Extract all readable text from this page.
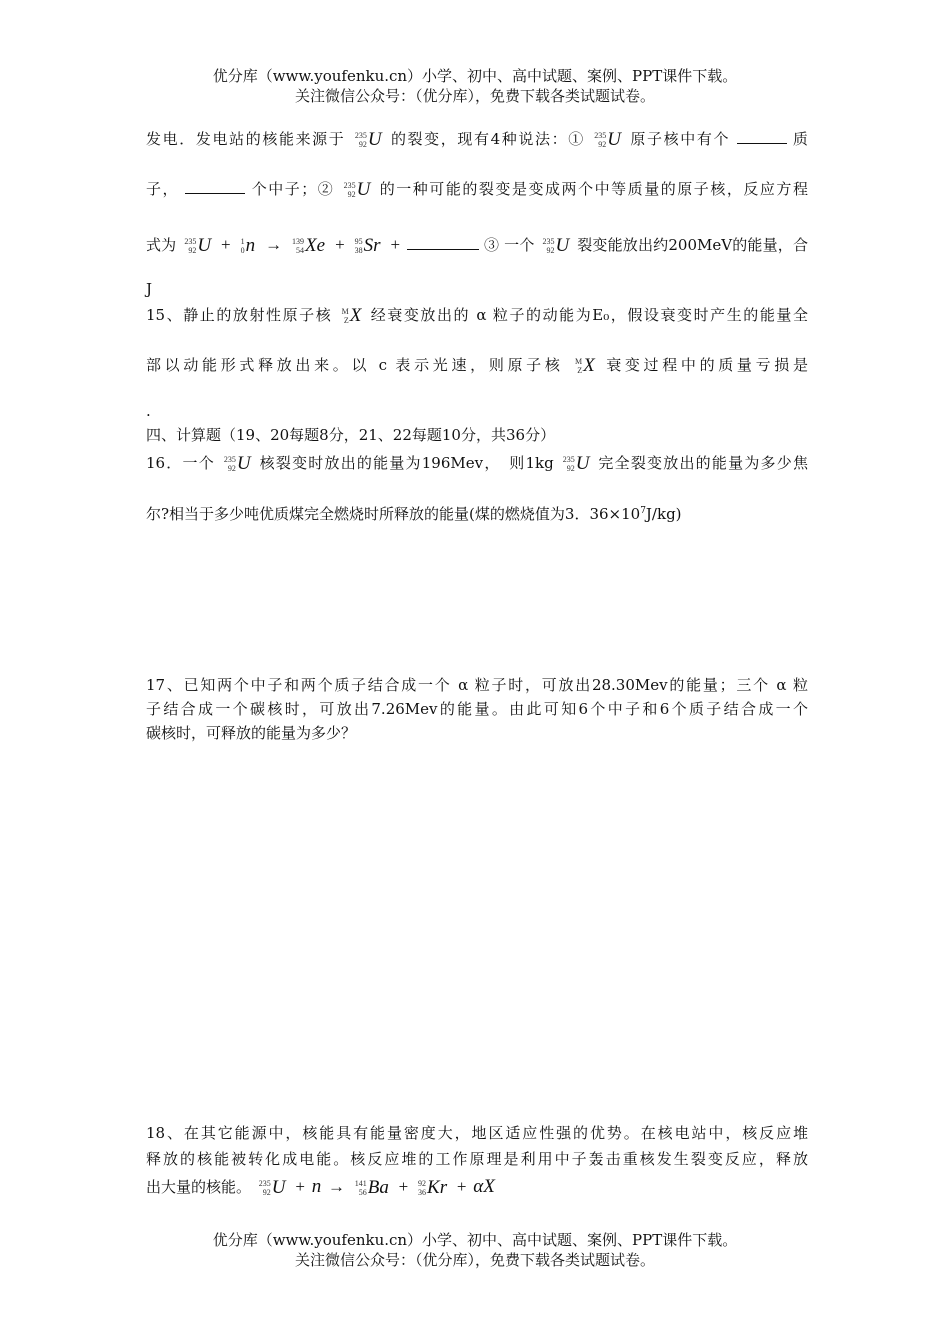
优分库（www.youfenku.cn）小学、初中、高中试题、案例、PPT课件下载。
关注微信公众号：（优分库），免费下载各类试题试卷。
发电．发电站的核能来源于 235
92 U 的裂变，现有4种说法：① 235
92 U 原子核中有个	质
子，	个中子；② 235
92 U 的一种可能的裂变是变成两个中等质量的原子核，反应方程
式为 235
92 U + 1
0 n → 139
54 Xe + 95
38 Sr +	③ 一个 235
92 U 裂变能放出约200MeV的能量，合
J
15、静止的放射性原子核 M
Z X 经衰变放出的 α 粒子的动能为E₀，假设衰变时产生的能量全
部以动能形式释放出来。以 c 表示光速，则原子核 M
Z X 衰变过程中的质量亏损是
.
四、计算题（19、20每题8分，21、22每题10分，共36分）
16．一个 235
92 U 核裂变时放出的能量为196Mev，　则1kg 235
92 U 完全裂变放出的能量为多少焦
尔?相当于多少吨优质煤完全燃烧时所释放的能量(煤的燃烧值为3．$36\times 10^7J/kg$)
17、已知两个中子和两个质子结合成一个 α 粒子时，可放出28.30Mev的能量；三个 α 粒
子结合成一个碳核时，可放出7.26Mev的能量。由此可知6个中子和6个质子结合成一个
碳核时，可释放的能量为多少？
18、在其它能源中，核能具有能量密度大，地区适应性强的优势。在核电站中，核反应堆
释放的核能被转化成电能。核反应堆的工作原理是利用中子轰击重核发生裂变反应，释放
出大量的核能。 235
92 U + n → 141
56 Ba + 92
36 Kr + αX
优分库（www.youfenku.cn）小学、初中、高中试题、案例、PPT课件下载。
关注微信公众号：（优分库），免费下载各类试题试卷。
